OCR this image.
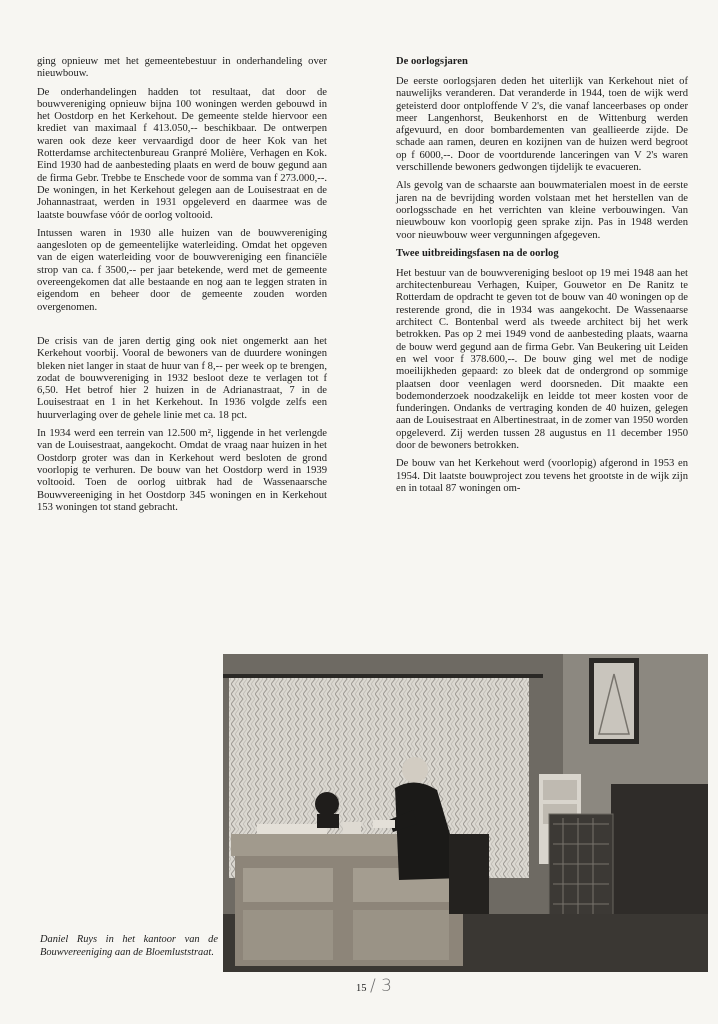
ging opnieuw met het gemeentebestuur in onderhandeling over nieuwbouw.

De onderhandelingen hadden tot resultaat, dat door de bouwvereniging opnieuw bijna 100 woningen werden gebouwd in het Oostdorp en het Kerkehout. De gemeente stelde hiervoor een krediet van maximaal f 413.050,-- beschikbaar. De ontwerpen waren ook deze keer vervaardigd door de heer Kok van het Rotterdamse architectenbureau Granpré Molière, Verhagen en Kok. Eind 1930 had de aanbesteding plaats en werd de bouw gegund aan de firma Gebr. Trebbe te Enschede voor de somma van f 273.000,--. De woningen, in het Kerkehout gelegen aan de Louisestraat en de Johannastraat, werden in 1931 opgeleverd en daarmee was de laatste bouwfase vóór de oorlog voltooid.

Intussen waren in 1930 alle huizen van de bouwvereniging aangesloten op de gemeentelijke waterleiding. Omdat het opgeven van de eigen waterleiding voor de bouwvereniging een financiële strop van ca. f 3500,-- per jaar betekende, werd met de gemeente overeengekomen dat alle bestaande en nog aan te leggen straten in eigendom en beheer door de gemeente zouden worden overgenomen.

De crisis van de jaren dertig ging ook niet ongemerkt aan het Kerkehout voorbij. Vooral de bewoners van de duurdere woningen bleken niet langer in staat de huur van f 8,-- per week op te brengen, zodat de bouwvereniging in 1932 besloot deze te verlagen tot f 6,50. Het betrof hier 2 huizen in de Adrianastraat, 7 in de Louisestraat en 1 in het Kerkehout. In 1936 volgde zelfs een huurverlaging over de gehele linie met ca. 18 pct.

In 1934 werd een terrein van 12.500 m², liggende in het verlengde van de Louisestraat, aangekocht. Omdat de vraag naar huizen in het Oostdorp groter was dan in Kerkehout werd besloten de grond voorlopig te verhuren. De bouw van het Oostdorp werd in 1939 voltooid. Toen de oorlog uitbrak had de Wassenaarsche Bouwvereeniging in het Oostdorp 345 woningen en in Kerkehout 153 woningen tot stand gebracht.

De oorlogsjaren

De eerste oorlogsjaren deden het uiterlijk van Kerkehout niet of nauwelijks veranderen. Dat veranderde in 1944, toen de wijk werd geteisterd door ontploffende V 2's, die vanaf lanceerbases op onder meer Langenhorst, Beukenhorst en de Wittenburg werden afgevuurd, en door bombardementen van geallieerde zijde. De schade aan ramen, deuren en kozijnen van de huizen werd begroot op f 6000,--. Door de voortdurende lanceringen van V 2's waren verschillende bewoners gedwongen tijdelijk te evacueren.

Als gevolg van de schaarste aan bouwmaterialen moest in de eerste jaren na de bevrijding worden volstaan met het herstellen van de oorlogsschade en het verrichten van kleine verbouwingen. Van nieuwbouw kon voorlopig geen sprake zijn. Pas in 1948 werden voor nieuwbouw weer vergunningen afgegeven.

Twee uitbreidingsfasen na de oorlog

Het bestuur van de bouwvereniging besloot op 19 mei 1948 aan het architectenbureau Verhagen, Kuiper, Gouwetor en De Ranitz te Rotterdam de opdracht te geven tot de bouw van 40 woningen op de resterende grond, die in 1934 was aangekocht. De Wassenaarse architect C. Bontenbal werd als tweede architect bij het werk betrokken. Pas op 2 mei 1949 vond de aanbesteding plaats, waarna de bouw werd gegund aan de firma Gebr. Van Beukering uit Leiden en wel voor f 378.600,--. De bouw ging wel met de nodige moeilijkheden gepaard: zo bleek dat de ondergrond op sommige plaatsen door veenlagen werd doorsneden. Dit maakte een bodemonderzoek noodzakelijk en leidde tot meer kosten voor de funderingen. Ondanks de vertraging konden de 40 huizen, gelegen aan de Louisestraat en Albertinestraat, in de zomer van 1950 worden opgeleverd. Zij werden tussen 28 augustus en 11 december 1950 door de bewoners betrokken.

De bouw van het Kerkehout werd (voorlopig) afgerond in 1953 en 1954. Dit laatste bouwproject zou tevens het grootste in de wijk zijn en in totaal 87 woningen om-

Daniel Ruys in het kantoor van de Bouwvereeniging aan de Bloemluststraat.
15 / 3
